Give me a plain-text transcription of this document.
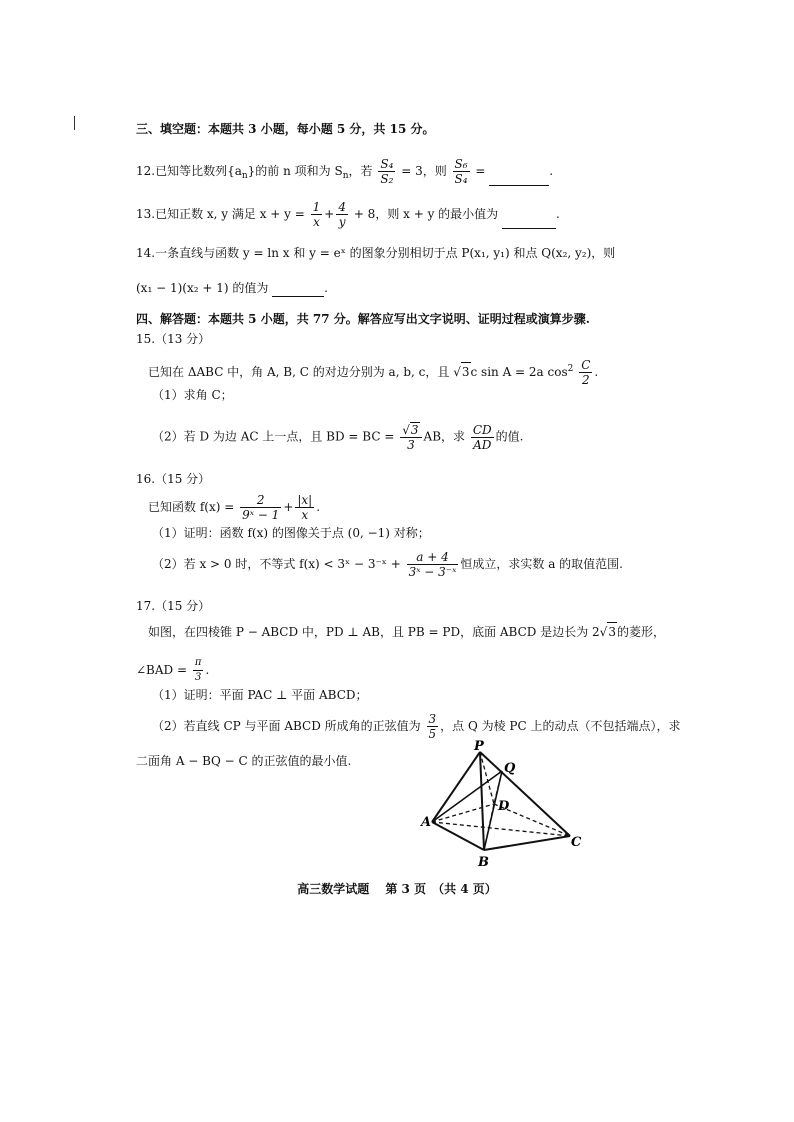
三、填空题：本题共 3 小题，每小题 5 分，共 15 分。
12.已知等比数列$\{a_n\}$的前 n 项和为 $S_n$，若 $\frac{\text{S₄}}{\text{S₂}} = 3$，则 $\frac{\text{S₆}}{\text{S₄}}$ =	.
13.已知正数 x, y 满足 $x + y = \frac{1}{x} + \frac{4}{y} + 8$，则 x + y 的最小值为	.
14.一条直线与函数 y = ln x 和 y = eˣ 的图象分别相切于点 P(x₁, y₁) 和点 Q(x₂, y₂)，则
(x₁ − 1)(x₂ + 1) 的值为	.
四、解答题：本题共 5 小题，共 77 分。解答应写出文字说明、证明过程或演算步骤.
15.（13 分）
已知在 ΔABC 中，角 A, B, C 的对边分别为 a, b, c，且 √3c sin A = 2a $\cos^2 \frac{C}{2}$ .
（1）求角 C；
（2）若 D 为边 AC 上一点，且 BD = BC = $\frac{√3}{3}$ AB，求 $\frac{CD}{AD}$ 的值.
16.（15 分）
已知函数 $f(x) = \frac{2}{\text{9ˣ − 1}} + \frac{|x|}{x}$ .
（1）证明：函数 f(x) 的图像关于点 (0, −1) 对称；
（2）若 x > 0 时，不等式 f(x) < 3ˣ − 3⁻ˣ + $\frac{a + 4}{\text{3ˣ − 3⁻ˣ}}$ 恒成立，求实数 a 的取值范围.
17.（15 分）
如图，在四棱锥 P − ABCD 中，PD ⊥ AB，且 PB = PD，底面 ABCD 是边长为 2√3的菱形，
∠BAD = $\frac{\pi}{3}$ .
（1）证明：平面 PAC ⊥ 平面 ABCD；
（2）若直线 CP 与平面 ABCD 所成角的正弦值为 $\frac{3}{5}$ ，点 Q 为棱 PC 上的动点（不包括端点），求
二面角 A − BQ − C 的正弦值的最小值.
P
Q
D
A
B
C
高三数学试题　 第 3 页　（共 4 页）
